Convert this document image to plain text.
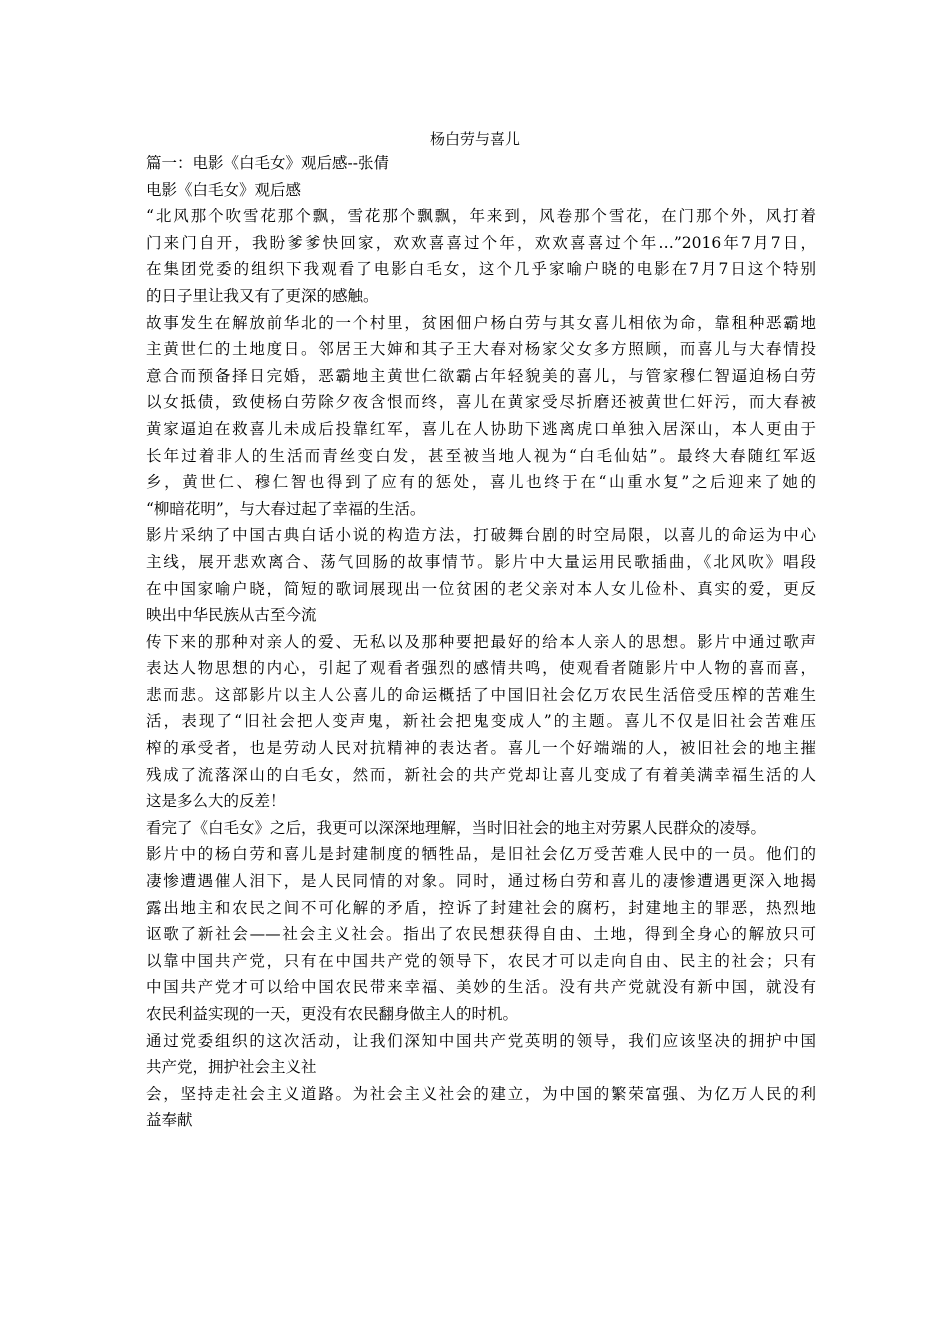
杨白劳与喜儿
篇一：电影《白毛女》观后感--张倩
电影《白毛女》观后感
“北风那个吹雪花那个飘，雪花那个飘飘，年来到，风卷那个雪花，在门那个外，风打着
门来门自开，我盼爹爹快回家，欢欢喜喜过个年，欢欢喜喜过个年…”2016年7月7日，
在集团党委的组织下我观看了电影白毛女，这个几乎家喻户晓的电影在7月7日这个特别
的日子里让我又有了更深的感触。
故事发生在解放前华北的一个村里，贫困佃户杨白劳与其女喜儿相依为命，靠租种恶霸地
主黄世仁的土地度日。邻居王大婶和其子王大春对杨家父女多方照顾，而喜儿与大春情投
意合而预备择日完婚，恶霸地主黄世仁欲霸占年轻貌美的喜儿，与管家穆仁智逼迫杨白劳
以女抵债，致使杨白劳除夕夜含恨而终，喜儿在黄家受尽折磨还被黄世仁奸污，而大春被
黄家逼迫在救喜儿未成后投靠红军，喜儿在人协助下逃离虎口单独入居深山，本人更由于
长年过着非人的生活而青丝变白发，甚至被当地人视为“白毛仙姑”。最终大春随红军返
乡，黄世仁、穆仁智也得到了应有的惩处，喜儿也终于在“山重水复”之后迎来了她的
“柳暗花明”，与大春过起了幸福的生活。
影片采纳了中国古典白话小说的构造方法，打破舞台剧的时空局限，以喜儿的命运为中心
主线，展开悲欢离合、荡气回肠的故事情节。影片中大量运用民歌插曲，《北风吹》唱段
在中国家喻户晓，简短的歌词展现出一位贫困的老父亲对本人女儿俭朴、真实的爱，更反
映出中华民族从古至今流
传下来的那种对亲人的爱、无私以及那种要把最好的给本人亲人的思想。影片中通过歌声
表达人物思想的内心，引起了观看者强烈的感情共鸣，使观看者随影片中人物的喜而喜，
悲而悲。这部影片以主人公喜儿的命运概括了中国旧社会亿万农民生活倍受压榨的苦难生
活，表现了“旧社会把人变声鬼，新社会把鬼变成人”的主题。喜儿不仅是旧社会苦难压
榨的承受者，也是劳动人民对抗精神的表达者。喜儿一个好端端的人，被旧社会的地主摧
残成了流落深山的白毛女，然而，新社会的共产党却让喜儿变成了有着美满幸福生活的人
这是多么大的反差！
看完了《白毛女》之后，我更可以深深地理解，当时旧社会的地主对劳累人民群众的凌辱。
影片中的杨白劳和喜儿是封建制度的牺牲品，是旧社会亿万受苦难人民中的一员。他们的
凄惨遭遇催人泪下，是人民同情的对象。同时，通过杨白劳和喜儿的凄惨遭遇更深入地揭
露出地主和农民之间不可化解的矛盾，控诉了封建社会的腐朽，封建地主的罪恶，热烈地
讴歌了新社会——社会主义社会。指出了农民想获得自由、土地，得到全身心的解放只可
以靠中国共产党，只有在中国共产党的领导下，农民才可以走向自由、民主的社会；只有
中国共产党才可以给中国农民带来幸福、美妙的生活。没有共产党就没有新中国，就没有
农民利益实现的一天，更没有农民翻身做主人的时机。
通过党委组织的这次活动，让我们深知中国共产党英明的领导，我们应该坚决的拥护中国
共产党，拥护社会主义社
会，坚持走社会主义道路。为社会主义社会的建立，为中国的繁荣富强、为亿万人民的利
益奉献
